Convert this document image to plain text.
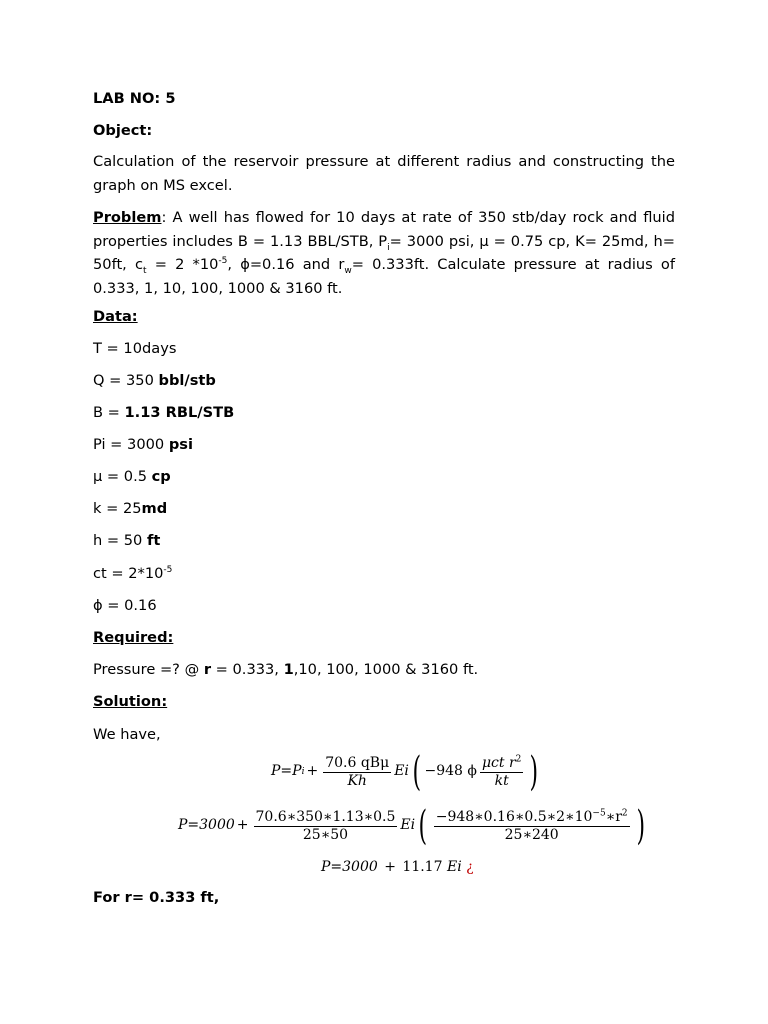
LAB NO: 5
Object:
Calculation of the reservoir pressure at different radius and constructing the graph on MS excel.
Problem: A well has flowed for 10 days at rate of 350 stb/day rock and fluid properties includes B = 1.13 BBL/STB, $P_i= 3000$ psi, μ = 0.75 cp, K= 25md, h= 50ft, $c_t = 2$ $*10^{-5}$, ϕ=0.16 and $r_w= 0.333ft$. Calculate pressure at radius of 0.333, 1, 10, 100, 1000 & 3160 ft.
Data:
T = 10days
Q = 350 bbl/stb
B = 1.13 RBL/STB
Pi = 3000 psi
μ = 0.5 cp
k = 25md
h = 50 ft
ct = $2*10^{-5}$
ϕ = 0.16
Required:
Pressure =? @ r = 0.333, 1,10, 100, 1000 & 3160 ft.
Solution:
We have,
P=P $i + \frac{\text{70.6 qBμ}}{Kh}$ Ei ( −948 ϕ $\frac{\mu ct r^2}{kt}$ )
$P=3000 + \frac{70.6∗350∗1.13∗0.5}{25∗50}$ Ei ( $\frac{-948∗0.16∗0.5∗2∗10^{-5}∗r^2}{25∗240}$ )
P=3000 + 11.17 Ei ¿
For r= 0.333 ft,
